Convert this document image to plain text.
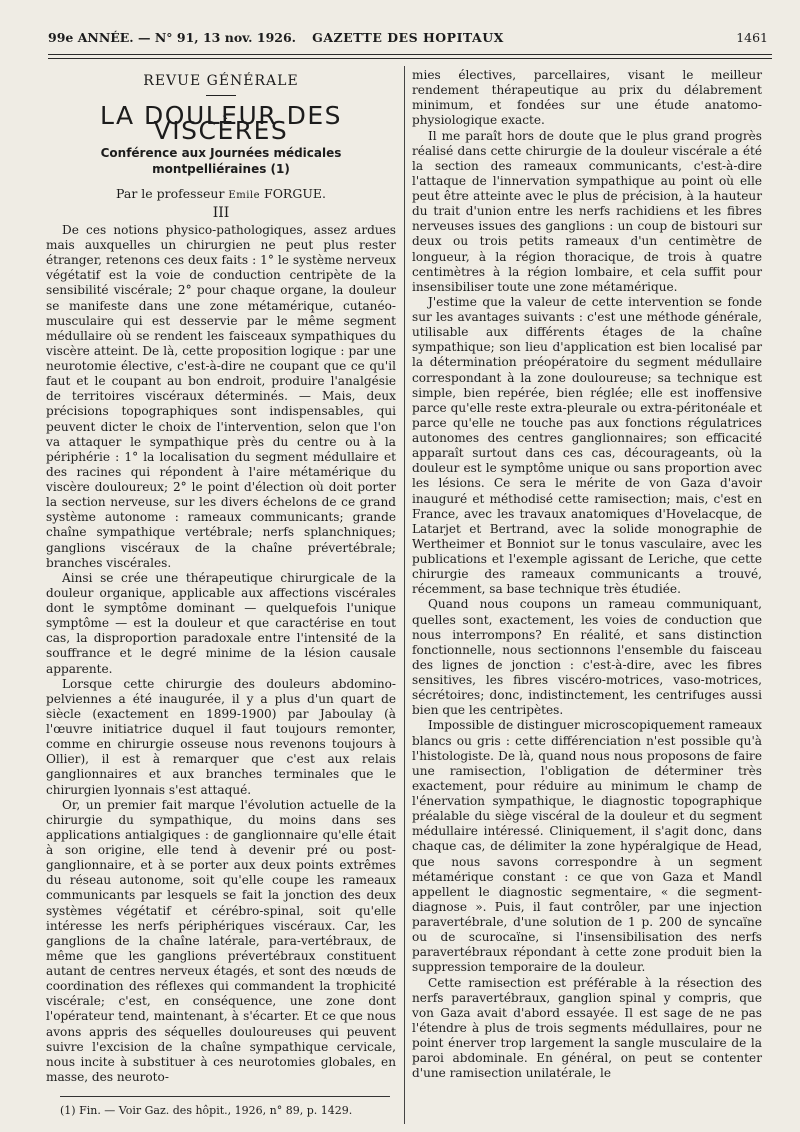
99e ANNÉE. — N° 91, 13 nov. 1926.	GAZETTE DES HOPITAUX	1461
REVUE GÉNÉRALE
LA DOULEUR DES VISCÈRES
Conférence aux Journées médicales montpelliéraines (1)
Par le professeur Emile FORGUE.
III

De ces notions physico-pathologiques, assez ardues mais auxquelles un chirurgien ne peut plus rester étranger, retenons ces deux faits : 1° le système nerveux végétatif est la voie de conduction centripète de la sensibilité viscérale; 2° pour chaque organe, la douleur se manifeste dans une zone métamérique, cutanéo-musculaire qui est desservie par le même segment médullaire où se rendent les faisceaux sympathiques du viscère atteint. De là, cette proposition logique : par une neurotomie élective, c'est-à-dire ne coupant que ce qu'il faut et le coupant au bon endroit, produire l'analgésie de territoires viscéraux déterminés. — Mais, deux précisions topographiques sont indispensables, qui peuvent dicter le choix de l'intervention, selon que l'on va attaquer le sympathique près du centre ou à la périphérie : 1° la localisation du segment médullaire et des racines qui répondent à l'aire métamérique du viscère douloureux; 2° le point d'élection où doit porter la section nerveuse, sur les divers échelons de ce grand système autonome : rameaux communicants; grande chaîne sympathique vertébrale; nerfs splanchniques; ganglions viscéraux de la chaîne prévertébrale; branches viscérales.

Ainsi se crée une thérapeutique chirurgicale de la douleur organique, applicable aux affections viscérales dont le symptôme dominant — quelquefois l'unique symptôme — est la douleur et que caractérise en tout cas, la disproportion paradoxale entre l'intensité de la souffrance et le degré minime de la lésion causale apparente.

Lorsque cette chirurgie des douleurs abdomino-pelviennes a été inaugurée, il y a plus d'un quart de siècle (exactement en 1899-1900) par Jaboulay (à l'œuvre initiatrice duquel il faut toujours remonter, comme en chirurgie osseuse nous revenons toujours à Ollier), il est à remarquer que c'est aux relais ganglionnaires et aux branches terminales que le chirurgien lyonnais s'est attaqué.

Or, un premier fait marque l'évolution actuelle de la chirurgie du sympathique, du moins dans ses applications antialgiques : de ganglionnaire qu'elle était à son origine, elle tend à devenir pré ou post-ganglionnaire, et à se porter aux deux points extrêmes du réseau autonome, soit qu'elle coupe les rameaux communicants par lesquels se fait la jonction des deux systèmes végétatif et cérébro-spinal, soit qu'elle intéresse les nerfs périphériques viscéraux. Car, les ganglions de la chaîne latérale, para-vertébraux, de même que les ganglions prévertébraux constituent autant de centres nerveux étagés, et sont des nœuds de coordination des réflexes qui commandent la trophicité viscérale; c'est, en conséquence, une zone dont l'opérateur tend, maintenant, à s'écarter. Et ce que nous avons appris des séquelles douloureuses qui peuvent suivre l'excision de la chaîne sympathique cervicale, nous incite à substituer à ces neurotomies globales, en masse, des neuroto-

mies électives, parcellaires, visant le meilleur rendement thérapeutique au prix du délabrement minimum, et fondées sur une étude anatomo-physiologique exacte.

Il me paraît hors de doute que le plus grand progrès réalisé dans cette chirurgie de la douleur viscérale a été la section des rameaux communicants, c'est-à-dire l'attaque de l'innervation sympathique au point où elle peut être atteinte avec le plus de précision, à la hauteur du trait d'union entre les nerfs rachidiens et les fibres nerveuses issues des ganglions : un coup de bistouri sur deux ou trois petits rameaux d'un centimètre de longueur, à la région thoracique, de trois à quatre centimètres à la région lombaire, et cela suffit pour insensibiliser toute une zone métamérique.

J'estime que la valeur de cette intervention se fonde sur les avantages suivants : c'est une méthode générale, utilisable aux différents étages de la chaîne sympathique; son lieu d'application est bien localisé par la détermination préopératoire du segment médullaire correspondant à la zone douloureuse; sa technique est simple, bien repérée, bien réglée; elle est inoffensive parce qu'elle reste extra-pleurale ou extra-péritonéale et parce qu'elle ne touche pas aux fonctions régulatrices autonomes des centres ganglionnaires; son efficacité apparaît surtout dans ces cas, décourageants, où la douleur est le symptôme unique ou sans proportion avec les lésions. Ce sera le mérite de von Gaza d'avoir inauguré et méthodisé cette ramisection; mais, c'est en France, avec les travaux anatomiques d'Hovelacque, de Latarjet et Bertrand, avec la solide monographie de Wertheimer et Bonniot sur le tonus vasculaire, avec les publications et l'exemple agissant de Leriche, que cette chirurgie des rameaux communicants a trouvé, récemment, sa base technique très étudiée.

Quand nous coupons un rameau communiquant, quelles sont, exactement, les voies de conduction que nous interrompons? En réalité, et sans distinction fonctionnelle, nous sectionnons l'ensemble du faisceau des lignes de jonction : c'est-à-dire, avec les fibres sensitives, les fibres viscéro-motrices, vaso-motrices, sécrétoires; donc, indistinctement, les centrifuges aussi bien que les centripètes.

Impossible de distinguer microscopiquement rameaux blancs ou gris : cette différenciation n'est possible qu'à l'histologiste. De là, quand nous nous proposons de faire une ramisection, l'obligation de déterminer très exactement, pour réduire au minimum le champ de l'énervation sympathique, le diagnostic topographique préalable du siège viscéral de la douleur et du segment médullaire intéressé. Cliniquement, il s'agit donc, dans chaque cas, de délimiter la zone hypéralgique de Head, que nous savons correspondre à un segment métamérique constant : ce que von Gaza et Mandl appellent le diagnostic segmentaire, « die segment-diagnose ». Puis, il faut contrôler, par une injection paravertébrale, d'une solution de 1 p. 200 de syncaïne ou de scurocaïne, si l'insensibilisation des nerfs paravertébraux répondant à cette zone produit bien la suppression temporaire de la douleur.

Cette ramisection est préférable à la résection des nerfs paravertébraux, ganglion spinal y compris, que von Gaza avait d'abord essayée. Il est sage de ne pas l'étendre à plus de trois segments médullaires, pour ne point énerver trop largement la sangle musculaire de la paroi abdominale. En général, on peut se contenter d'une ramisection unilatérale, le

(1) Fin. — Voir Gaz. des hôpit., 1926, n° 89, p. 1429.
